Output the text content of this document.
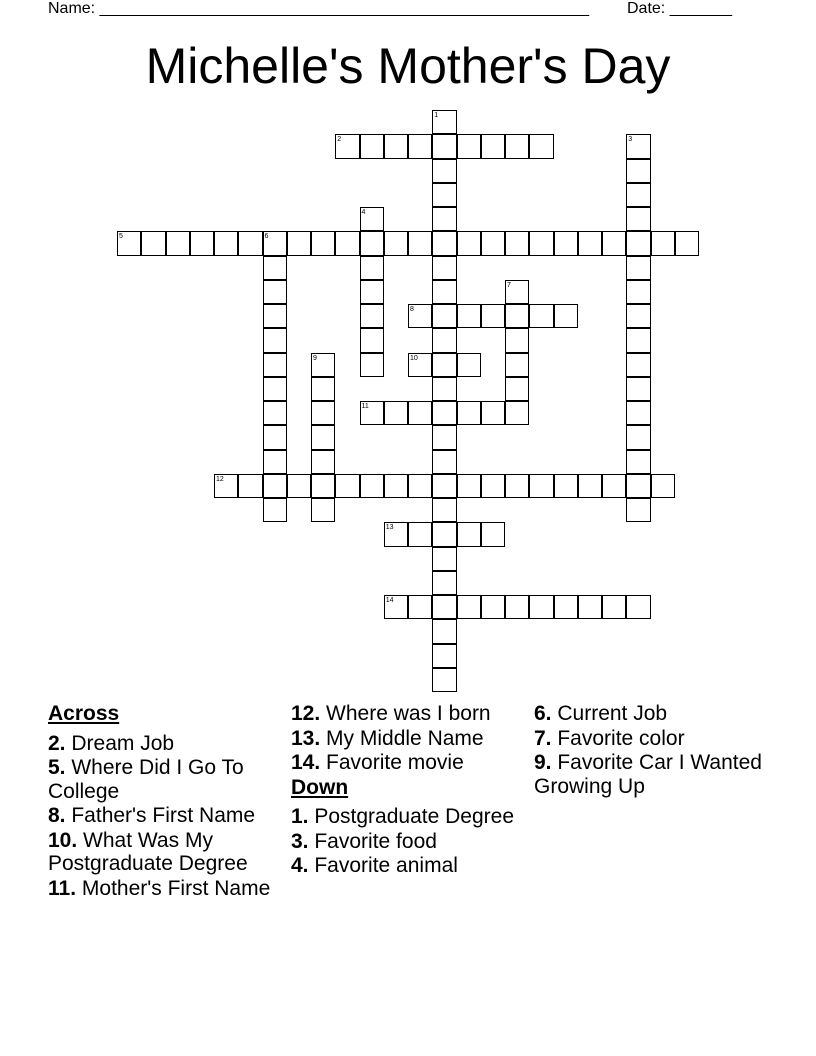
Name: _______________________________________________________ Date: _______
Michelle's Mother's Day
1
2	3
4
5	6
7
8
9	10
11
12
13
14
Across
2. Dream Job
5. Where Did I Go To College
8. Father's First Name
10. What Was My Postgraduate Degree
11. Mother's First Name
12. Where was I born
13. My Middle Name
14. Favorite movie
Down
1. Postgraduate Degree
3. Favorite food
4. Favorite animal
6. Current Job
7. Favorite color
9. Favorite Car I Wanted Growing Up
